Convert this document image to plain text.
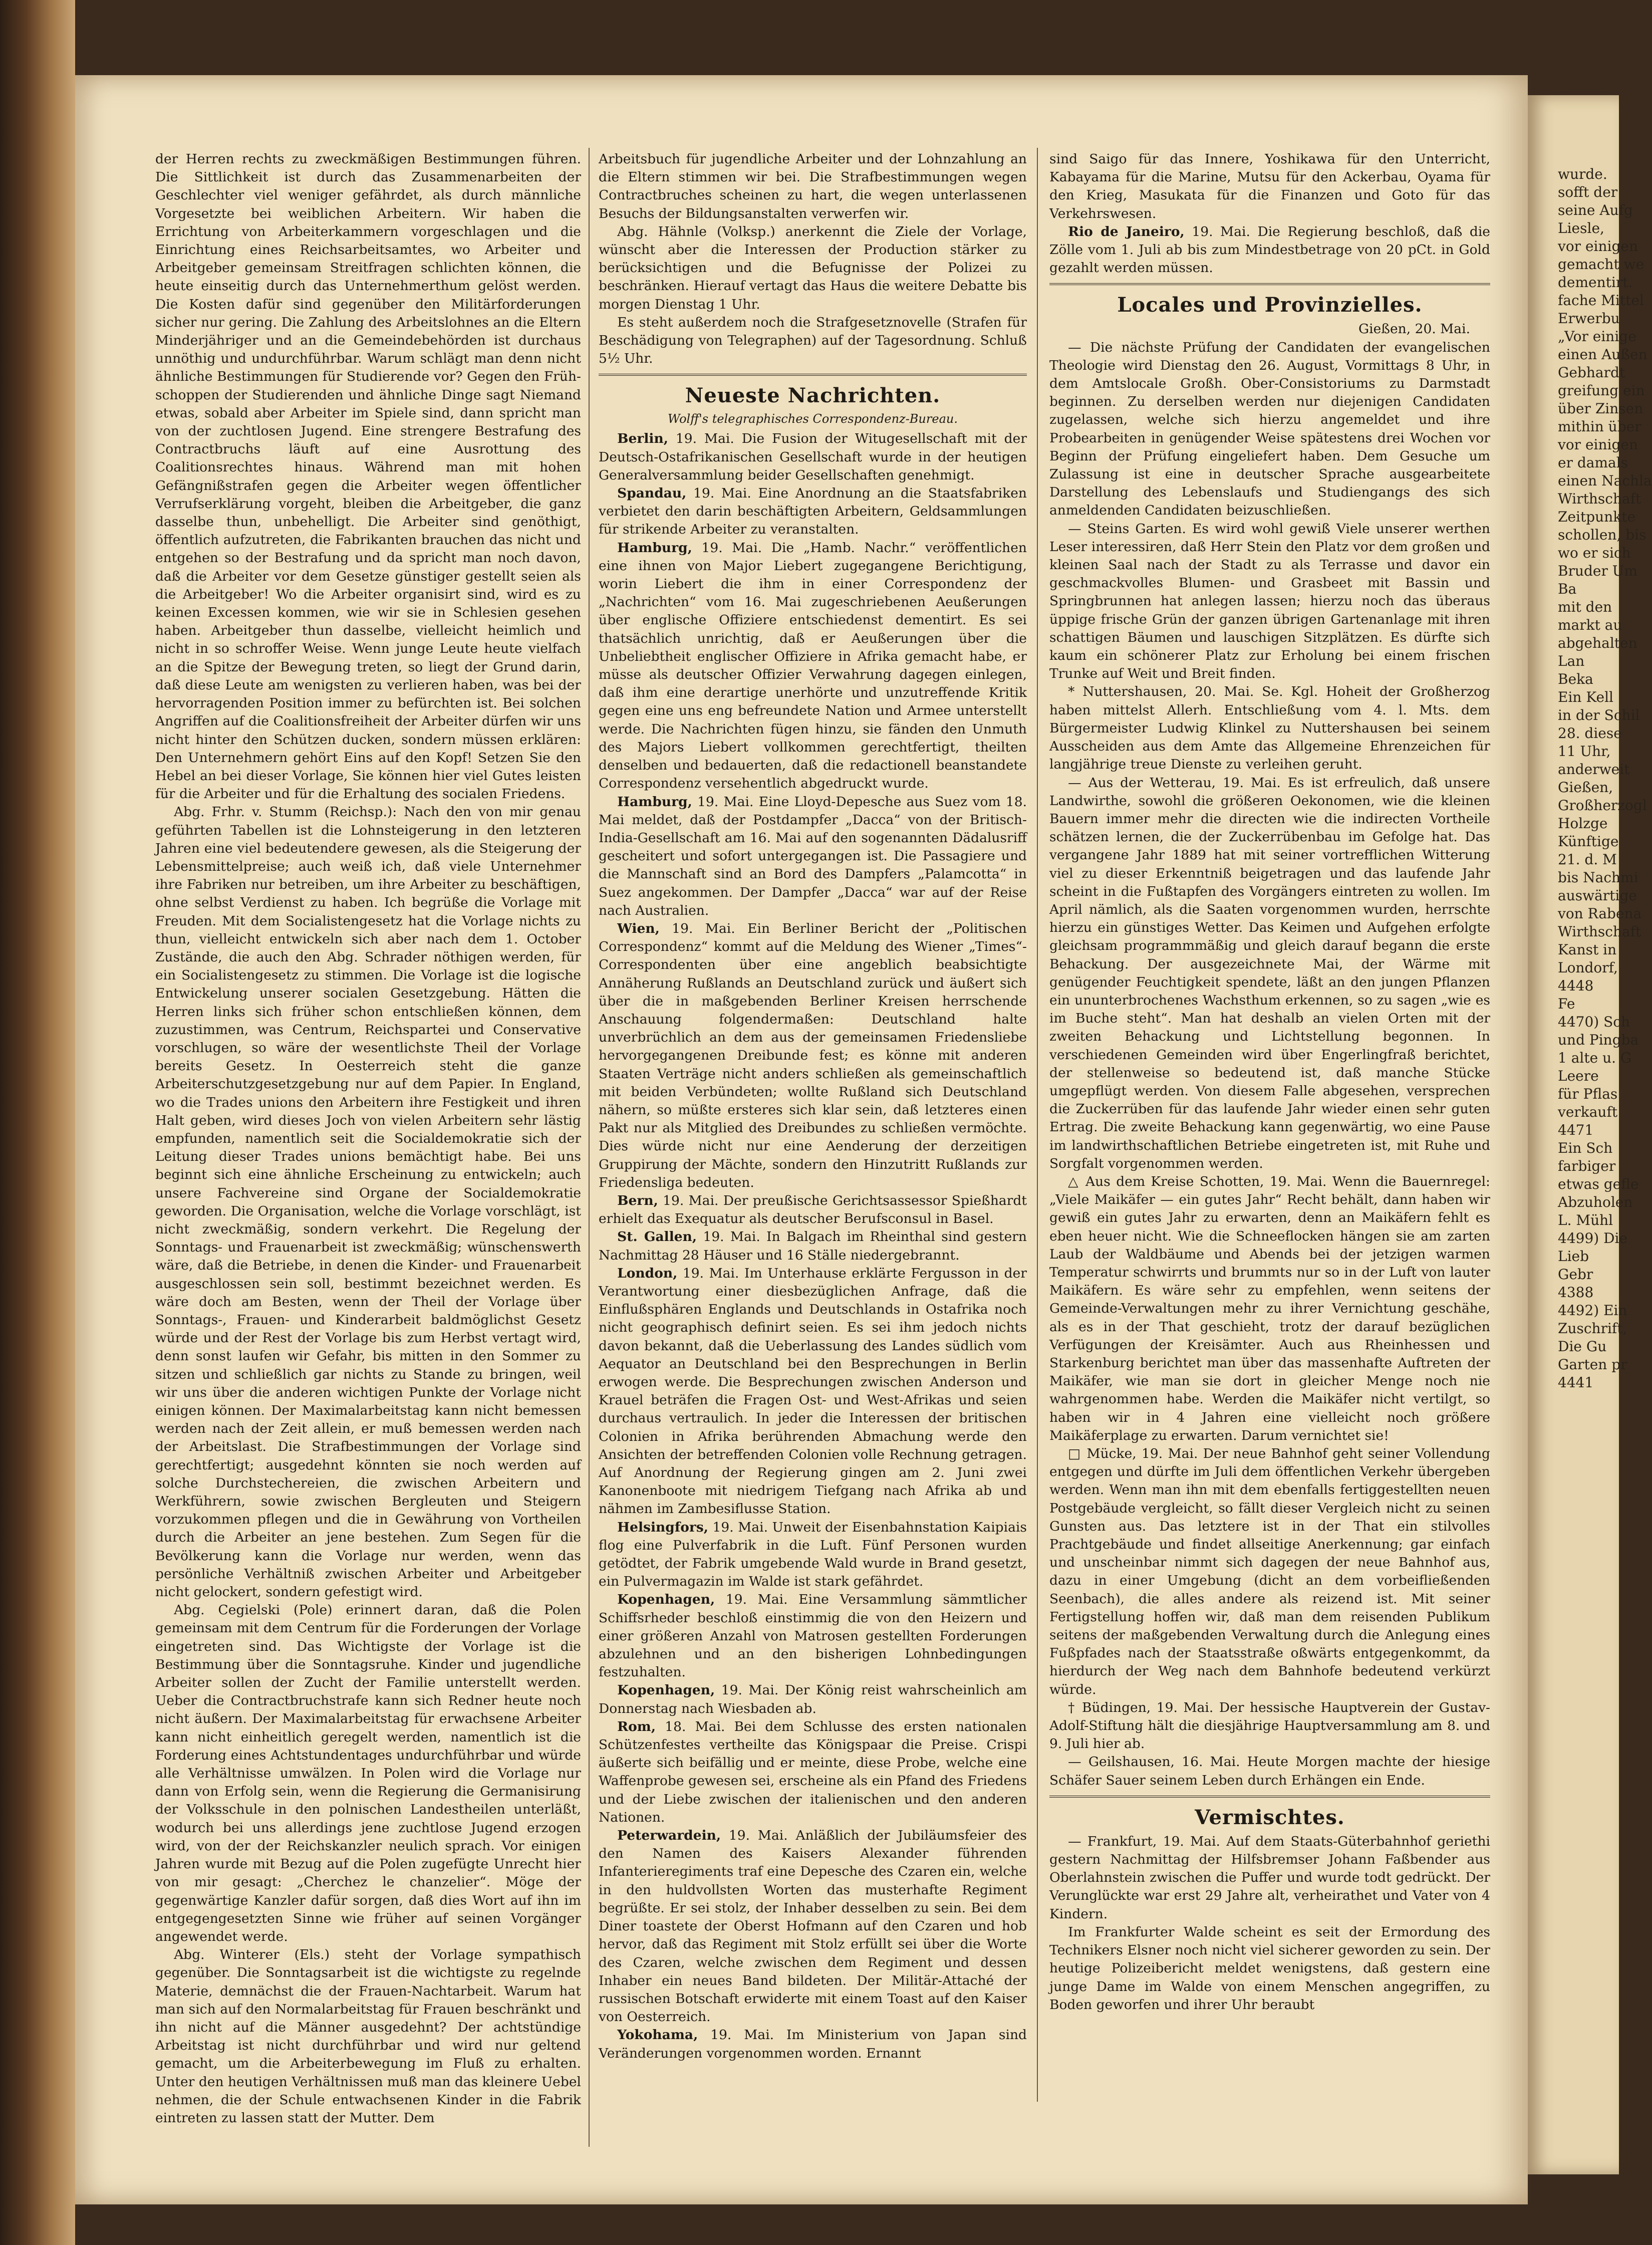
der Herren rechts zu zweckmäßigen Bestimmungen führen. Die Sittlichkeit ist durch das Zusammenarbeiten der Geschlechter viel weniger gefährdet, als durch männliche Vorgesetzte bei weiblichen Arbeitern. Wir haben die Errichtung von Arbeiterkammern vorgeschlagen und die Einrichtung eines Reichsarbeitsamtes, wo Arbeiter und Arbeitgeber gemeinsam Streitfragen schlichten können, die heute einseitig durch das Unternehmerthum gelöst werden. Die Kosten dafür sind gegenüber den Militärforderungen sicher nur gering. Die Zahlung des Arbeitslohnes an die Eltern Minderjähriger und an die Gemeindebehörden ist durchaus unnöthig und undurchführbar. Warum schlägt man denn nicht ähnliche Bestimmungen für Studierende vor? Gegen den Frühschoppen der Studierenden und ähnliche Dinge sagt Niemand etwas, sobald aber Arbeiter im Spiele sind, dann spricht man von der zuchtlosen Jugend. Eine strengere Bestrafung des Contractbruchs läuft auf eine Ausrottung des Coalitionsrechtes hinaus. Während man mit hohen Gefängnißstrafen gegen die Arbeiter wegen öffentlicher Verrufserklärung vorgeht, bleiben die Arbeitgeber, die ganz dasselbe thun, unbehelligt. Die Arbeiter sind genöthigt, öffentlich aufzutreten, die Fabrikanten brauchen das nicht und entgehen so der Bestrafung und da spricht man noch davon, daß die Arbeiter vor dem Gesetze günstiger gestellt seien als die Arbeitgeber! Wo die Arbeiter organisirt sind, wird es zu keinen Excessen kommen, wie wir sie in Schlesien gesehen haben. Arbeitgeber thun dasselbe, vielleicht heimlich und nicht in so schroffer Weise. Wenn junge Leute heute vielfach an die Spitze der Bewegung treten, so liegt der Grund darin, daß diese Leute am wenigsten zu verlieren haben, was bei der hervorragenden Position immer zu befürchten ist. Bei solchen Angriffen auf die Coalitionsfreiheit der Arbeiter dürfen wir uns nicht hinter den Schützen ducken, sondern müssen erklären: Den Unternehmern gehört Eins auf den Kopf! Setzen Sie den Hebel an bei dieser Vorlage, Sie können hier viel Gutes leisten für die Arbeiter und für die Erhaltung des socialen Friedens.

Abg. Frhr. v. Stumm (Reichsp.): Nach den von mir genau geführten Tabellen ist die Lohnsteigerung in den letzteren Jahren eine viel bedeutendere gewesen, als die Steigerung der Lebensmittelpreise; auch weiß ich, daß viele Unternehmer ihre Fabriken nur betreiben, um ihre Arbeiter zu beschäftigen, ohne selbst Verdienst zu haben. Ich begrüße die Vorlage mit Freuden. Mit dem Socialistengesetz hat die Vorlage nichts zu thun, vielleicht entwickeln sich aber nach dem 1. October Zustände, die auch den Abg. Schrader nöthigen werden, für ein Socialistengesetz zu stimmen. Die Vorlage ist die logische Entwickelung unserer socialen Gesetzgebung. Hätten die Herren links sich früher schon entschließen können, dem zuzustimmen, was Centrum, Reichspartei und Conservative vorschlugen, so wäre der wesentlichste Theil der Vorlage bereits Gesetz. In Oesterreich steht die ganze Arbeiterschutzgesetzgebung nur auf dem Papier. In England, wo die Trades unions den Arbeitern ihre Festigkeit und ihren Halt geben, wird dieses Joch von vielen Arbeitern sehr lästig empfunden, namentlich seit die Socialdemokratie sich der Leitung dieser Trades unions bemächtigt habe. Bei uns beginnt sich eine ähnliche Erscheinung zu entwickeln; auch unsere Fachvereine sind Organe der Socialdemokratie geworden. Die Organisation, welche die Vorlage vorschlägt, ist nicht zweckmäßig, sondern verkehrt. Die Regelung der Sonntags- und Frauenarbeit ist zweckmäßig; wünschenswerth wäre, daß die Betriebe, in denen die Kinder- und Frauenarbeit ausgeschlossen sein soll, bestimmt bezeichnet werden. Es wäre doch am Besten, wenn der Theil der Vorlage über Sonntags-, Frauen- und Kinderarbeit baldmöglichst Gesetz würde und der Rest der Vorlage bis zum Herbst vertagt wird, denn sonst laufen wir Gefahr, bis mitten in den Sommer zu sitzen und schließlich gar nichts zu Stande zu bringen, weil wir uns über die anderen wichtigen Punkte der Vorlage nicht einigen können. Der Maximalarbeitstag kann nicht bemessen werden nach der Zeit allein, er muß bemessen werden nach der Arbeitslast. Die Strafbestimmungen der Vorlage sind gerechtfertigt; ausgedehnt könnten sie noch werden auf solche Durchstechereien, die zwischen Arbeitern und Werkführern, sowie zwischen Bergleuten und Steigern vorzukommen pflegen und die in Gewährung von Vortheilen durch die Arbeiter an jene bestehen. Zum Segen für die Bevölkerung kann die Vorlage nur werden, wenn das persönliche Verhältniß zwischen Arbeiter und Arbeitgeber nicht gelockert, sondern gefestigt wird.

Abg. Cegielski (Pole) erinnert daran, daß die Polen gemeinsam mit dem Centrum für die Forderungen der Vorlage eingetreten sind. Das Wichtigste der Vorlage ist die Bestimmung über die Sonntagsruhe. Kinder und jugendliche Arbeiter sollen der Zucht der Familie unterstellt werden. Ueber die Contractbruchstrafe kann sich Redner heute noch nicht äußern. Der Maximalarbeitstag für erwachsene Arbeiter kann nicht einheitlich geregelt werden, namentlich ist die Forderung eines Achtstundentages undurchführbar und würde alle Verhältnisse umwälzen. In Polen wird die Vorlage nur dann von Erfolg sein, wenn die Regierung die Germanisirung der Volksschule in den polnischen Landestheilen unterläßt, wodurch bei uns allerdings jene zuchtlose Jugend erzogen wird, von der der Reichskanzler neulich sprach. Vor einigen Jahren wurde mit Bezug auf die Polen zugefügte Unrecht hier von mir gesagt: „Cherchez le chanzelier“. Möge der gegenwärtige Kanzler dafür sorgen, daß dies Wort auf ihn im entgegengesetzten Sinne wie früher auf seinen Vorgänger angewendet werde.

Abg. Winterer (Els.) steht der Vorlage sympathisch gegenüber. Die Sonntagsarbeit ist die wichtigste zu regelnde Materie, demnächst die der Frauen-Nachtarbeit. Warum hat man sich auf den Normalarbeitstag für Frauen beschränkt und ihn nicht auf die Männer ausgedehnt? Der achtstündige Arbeitstag ist nicht durchführbar und wird nur geltend gemacht, um die Arbeiterbewegung im Fluß zu erhalten. Unter den heutigen Verhältnissen muß man das kleinere Uebel nehmen, die der Schule entwachsenen Kinder in die Fabrik eintreten zu lassen statt der Mutter. Dem

Arbeitsbuch für jugendliche Arbeiter und der Lohnzahlung an die Eltern stimmen wir bei. Die Strafbestimmungen wegen Contractbruches scheinen zu hart, die wegen unterlassenen Besuchs der Bildungsanstalten verwerfen wir.

Abg. Hähnle (Volksp.) anerkennt die Ziele der Vorlage, wünscht aber die Interessen der Production stärker zu berücksichtigen und die Befugnisse der Polizei zu beschränken. Hierauf vertagt das Haus die weitere Debatte bis morgen Dienstag 1 Uhr.

Es steht außerdem noch die Strafgesetznovelle (Strafen für Beschädigung von Telegraphen) auf der Tagesordnung. Schluß 5½ Uhr.

Neueste Nachrichten.
Wolff's telegraphisches Correspondenz-Bureau.

Berlin, 19. Mai. Die Fusion der Witugesellschaft mit der Deutsch-Ostafrikanischen Gesellschaft wurde in der heutigen Generalversammlung beider Gesellschaften genehmigt.

Spandau, 19. Mai. Eine Anordnung an die Staatsfabriken verbietet den darin beschäftigten Arbeitern, Geldsammlungen für strikende Arbeiter zu veranstalten.

Hamburg, 19. Mai. Die „Hamb. Nachr.“ veröffentlichen eine ihnen von Major Liebert zugegangene Berichtigung, worin Liebert die ihm in einer Correspondenz der „Nachrichten“ vom 16. Mai zugeschriebenen Aeußerungen über englische Offiziere entschiedenst dementirt. Es sei thatsächlich unrichtig, daß er Aeußerungen über die Unbeliebtheit englischer Offiziere in Afrika gemacht habe, er müsse als deutscher Offizier Verwahrung dagegen einlegen, daß ihm eine derartige unerhörte und unzutreffende Kritik gegen eine uns eng befreundete Nation und Armee unterstellt werde. Die Nachrichten fügen hinzu, sie fänden den Unmuth des Majors Liebert vollkommen gerechtfertigt, theilten denselben und bedauerten, daß die redactionell beanstandete Correspondenz versehentlich abgedruckt wurde.

Hamburg, 19. Mai. Eine Lloyd-Depesche aus Suez vom 18. Mai meldet, daß der Postdampfer „Dacca“ von der Britisch-India-Gesellschaft am 16. Mai auf den sogenannten Dädalusriff gescheitert und sofort untergegangen ist. Die Passagiere und die Mannschaft sind an Bord des Dampfers „Palamcotta“ in Suez angekommen. Der Dampfer „Dacca“ war auf der Reise nach Australien.

Wien, 19. Mai. Ein Berliner Bericht der „Politischen Correspondenz“ kommt auf die Meldung des Wiener „Times“-Correspondenten über eine angeblich beabsichtigte Annäherung Rußlands an Deutschland zurück und äußert sich über die in maßgebenden Berliner Kreisen herrschende Anschauung folgendermaßen: Deutschland halte unverbrüchlich an dem aus der gemeinsamen Friedensliebe hervorgegangenen Dreibunde fest; es könne mit anderen Staaten Verträge nicht anders schließen als gemeinschaftlich mit beiden Verbündeten; wollte Rußland sich Deutschland nähern, so müßte ersteres sich klar sein, daß letzteres einen Pakt nur als Mitglied des Dreibundes zu schließen vermöchte. Dies würde nicht nur eine Aenderung der derzeitigen Gruppirung der Mächte, sondern den Hinzutritt Rußlands zur Friedensliga bedeuten.

Bern, 19. Mai. Der preußische Gerichtsassessor Spießhardt erhielt das Exequatur als deutscher Berufsconsul in Basel.

St. Gallen, 19. Mai. In Balgach im Rheinthal sind gestern Nachmittag 28 Häuser und 16 Ställe niedergebrannt.

London, 19. Mai. Im Unterhause erklärte Fergusson in der Verantwortung einer diesbezüglichen Anfrage, daß die Einflußsphären Englands und Deutschlands in Ostafrika noch nicht geographisch definirt seien. Es sei ihm jedoch nichts davon bekannt, daß die Ueberlassung des Landes südlich vom Aequator an Deutschland bei den Besprechungen in Berlin erwogen werde. Die Besprechungen zwischen Anderson und Krauel beträfen die Fragen Ost- und West-Afrikas und seien durchaus vertraulich. In jeder die Interessen der britischen Colonien in Afrika berührenden Abmachung werde den Ansichten der betreffenden Colonien volle Rechnung getragen. Auf Anordnung der Regierung gingen am 2. Juni zwei Kanonenboote mit niedrigem Tiefgang nach Afrika ab und nähmen im Zambesiflusse Station.

Helsingfors, 19. Mai. Unweit der Eisenbahnstation Kaipiais flog eine Pulverfabrik in die Luft. Fünf Personen wurden getödtet, der Fabrik umgebende Wald wurde in Brand gesetzt, ein Pulvermagazin im Walde ist stark gefährdet.

Kopenhagen, 19. Mai. Eine Versammlung sämmtlicher Schiffsrheder beschloß einstimmig die von den Heizern und einer größeren Anzahl von Matrosen gestellten Forderungen abzulehnen und an den bisherigen Lohnbedingungen festzuhalten.

Kopenhagen, 19. Mai. Der König reist wahrscheinlich am Donnerstag nach Wiesbaden ab.

Rom, 18. Mai. Bei dem Schlusse des ersten nationalen Schützenfestes vertheilte das Königspaar die Preise. Crispi äußerte sich beifällig und er meinte, diese Probe, welche eine Waffenprobe gewesen sei, erscheine als ein Pfand des Friedens und der Liebe zwischen der italienischen und den anderen Nationen.

Peterwardein, 19. Mai. Anläßlich der Jubiläumsfeier des den Namen des Kaisers Alexander führenden Infanterieregiments traf eine Depesche des Czaren ein, welche in den huldvollsten Worten das musterhafte Regiment begrüßte. Er sei stolz, der Inhaber desselben zu sein. Bei dem Diner toastete der Oberst Hofmann auf den Czaren und hob hervor, daß das Regiment mit Stolz erfüllt sei über die Worte des Czaren, welche zwischen dem Regiment und dessen Inhaber ein neues Band bildeten. Der Militär-Attaché der russischen Botschaft erwiderte mit einem Toast auf den Kaiser von Oesterreich.

Yokohama, 19. Mai. Im Ministerium von Japan sind Veränderungen vorgenommen worden. Ernannt

sind Saigo für das Innere, Yoshikawa für den Unterricht, Kabayama für die Marine, Mutsu für den Ackerbau, Oyama für den Krieg, Masukata für die Finanzen und Goto für das Verkehrswesen.

Rio de Janeiro, 19. Mai. Die Regierung beschloß, daß die Zölle vom 1. Juli ab bis zum Mindestbetrage von 20 pCt. in Gold gezahlt werden müssen.

Locales und Provinzielles.
Gießen, 20. Mai.

— Die nächste Prüfung der Candidaten der evangelischen Theologie wird Dienstag den 26. August, Vormittags 8 Uhr, in dem Amtslocale Großh. Ober-Consistoriums zu Darmstadt beginnen. Zu derselben werden nur diejenigen Candidaten zugelassen, welche sich hierzu angemeldet und ihre Probearbeiten in genügender Weise spätestens drei Wochen vor Beginn der Prüfung eingeliefert haben. Dem Gesuche um Zulassung ist eine in deutscher Sprache ausgearbeitete Darstellung des Lebenslaufs und Studiengangs des sich anmeldenden Candidaten beizuschließen.

— Steins Garten. Es wird wohl gewiß Viele unserer werthen Leser interessiren, daß Herr Stein den Platz vor dem großen und kleinen Saal nach der Stadt zu als Terrasse und davor ein geschmackvolles Blumen- und Grasbeet mit Bassin und Springbrunnen hat anlegen lassen; hierzu noch das überaus üppige frische Grün der ganzen übrigen Gartenanlage mit ihren schattigen Bäumen und lauschigen Sitzplätzen. Es dürfte sich kaum ein schönerer Platz zur Erholung bei einem frischen Trunke auf Weit und Breit finden.

* Nuttershausen, 20. Mai. Se. Kgl. Hoheit der Großherzog haben mittelst Allerh. Entschließung vom 4. l. Mts. dem Bürgermeister Ludwig Klinkel zu Nuttershausen bei seinem Ausscheiden aus dem Amte das Allgemeine Ehrenzeichen für langjährige treue Dienste zu verleihen geruht.

— Aus der Wetterau, 19. Mai. Es ist erfreulich, daß unsere Landwirthe, sowohl die größeren Oekonomen, wie die kleinen Bauern immer mehr die directen wie die indirecten Vortheile schätzen lernen, die der Zuckerrübenbau im Gefolge hat. Das vergangene Jahr 1889 hat mit seiner vortrefflichen Witterung viel zu dieser Erkenntniß beigetragen und das laufende Jahr scheint in die Fußtapfen des Vorgängers eintreten zu wollen. Im April nämlich, als die Saaten vorgenommen wurden, herrschte hierzu ein günstiges Wetter. Das Keimen und Aufgehen erfolgte gleichsam programmmäßig und gleich darauf begann die erste Behackung. Der ausgezeichnete Mai, der Wärme mit genügender Feuchtigkeit spendete, läßt an den jungen Pflanzen ein ununterbrochenes Wachsthum erkennen, so zu sagen „wie es im Buche steht“. Man hat deshalb an vielen Orten mit der zweiten Behackung und Lichtstellung begonnen. In verschiedenen Gemeinden wird über Engerlingfraß berichtet, der stellenweise so bedeutend ist, daß manche Stücke umgepflügt werden. Von diesem Falle abgesehen, versprechen die Zuckerrüben für das laufende Jahr wieder einen sehr guten Ertrag. Die zweite Behackung kann gegenwärtig, wo eine Pause im landwirthschaftlichen Betriebe eingetreten ist, mit Ruhe und Sorgfalt vorgenommen werden.

△ Aus dem Kreise Schotten, 19. Mai. Wenn die Bauernregel: „Viele Maikäfer — ein gutes Jahr“ Recht behält, dann haben wir gewiß ein gutes Jahr zu erwarten, denn an Maikäfern fehlt es eben heuer nicht. Wie die Schneeflocken hängen sie am zarten Laub der Waldbäume und Abends bei der jetzigen warmen Temperatur schwirrts und brummts nur so in der Luft von lauter Maikäfern. Es wäre sehr zu empfehlen, wenn seitens der Gemeinde-Verwaltungen mehr zu ihrer Vernichtung geschähe, als es in der That geschieht, trotz der darauf bezüglichen Verfügungen der Kreisämter. Auch aus Rheinhessen und Starkenburg berichtet man über das massenhafte Auftreten der Maikäfer, wie man sie dort in gleicher Menge noch nie wahrgenommen habe. Werden die Maikäfer nicht vertilgt, so haben wir in 4 Jahren eine vielleicht noch größere Maikäferplage zu erwarten. Darum vernichtet sie!

□ Mücke, 19. Mai. Der neue Bahnhof geht seiner Vollendung entgegen und dürfte im Juli dem öffentlichen Verkehr übergeben werden. Wenn man ihn mit dem ebenfalls fertiggestellten neuen Postgebäude vergleicht, so fällt dieser Vergleich nicht zu seinen Gunsten aus. Das letztere ist in der That ein stilvolles Prachtgebäude und findet allseitige Anerkennung; gar einfach und unscheinbar nimmt sich dagegen der neue Bahnhof aus, dazu in einer Umgebung (dicht an dem vorbeifließenden Seenbach), die alles andere als reizend ist. Mit seiner Fertigstellung hoffen wir, daß man dem reisenden Publikum seitens der maßgebenden Verwaltung durch die Anlegung eines Fußpfades nach der Staatsstraße oßwärts entgegenkommt, da hierdurch der Weg nach dem Bahnhofe bedeutend verkürzt würde.

† Büdingen, 19. Mai. Der hessische Hauptverein der Gustav-Adolf-Stiftung hält die diesjährige Hauptversammlung am 8. und 9. Juli hier ab.

— Geilshausen, 16. Mai. Heute Morgen machte der hiesige Schäfer Sauer seinem Leben durch Erhängen ein Ende.

Vermischtes.

— Frankfurt, 19. Mai. Auf dem Staats-Güterbahnhof geriethi gestern Nachmittag der Hilfsbremser Johann Faßbender aus Oberlahnstein zwischen die Puffer und wurde todt gedrückt. Der Verunglückte war erst 29 Jahre alt, verheirathet und Vater von 4 Kindern.

Im Frankfurter Walde scheint es seit der Ermordung des Technikers Elsner noch nicht viel sicherer geworden zu sein. Der heutige Polizeibericht meldet wenigstens, daß gestern eine junge Dame im Walde von einem Menschen angegriffen, zu Boden geworfen und ihrer Uhr beraubt

wurde.
sofft der
seine Aufg
Liesle,
vor einigen
gemacht we
dementirt.
fache Mittel
Erwerbu
„Vor einige
einen Außen
Gebhardt
greifung ein
über Zinsen
mithin über
vor einigen
er damals
einen Nachla
Wirthschaft
Zeitpunkte
schollen, bis
wo er sich
Bruder Um
Ba
mit den
markt au
abgehalten
Lan
Beka
Ein Kell
in der Schil
28. diese
11 Uhr,
anderweit
Gießen,
Großherzogl
Holzge
Künftige
21. d. M
bis Nachmi
auswärtige
von Rabena
Wirthschaft
Kanst in
Londorf,
4448
Fe
4470) Sch
und Pingba
1 alte u. G
Leere
für Pflas
verkauft
4471
Ein Sch
farbiger
etwas gefle
Abzuholen
L. Mühl
4499) Die
Lieb
Gebr
4388
4492) Ein
Zuschrift,
Die Gu
Garten pr
4441
